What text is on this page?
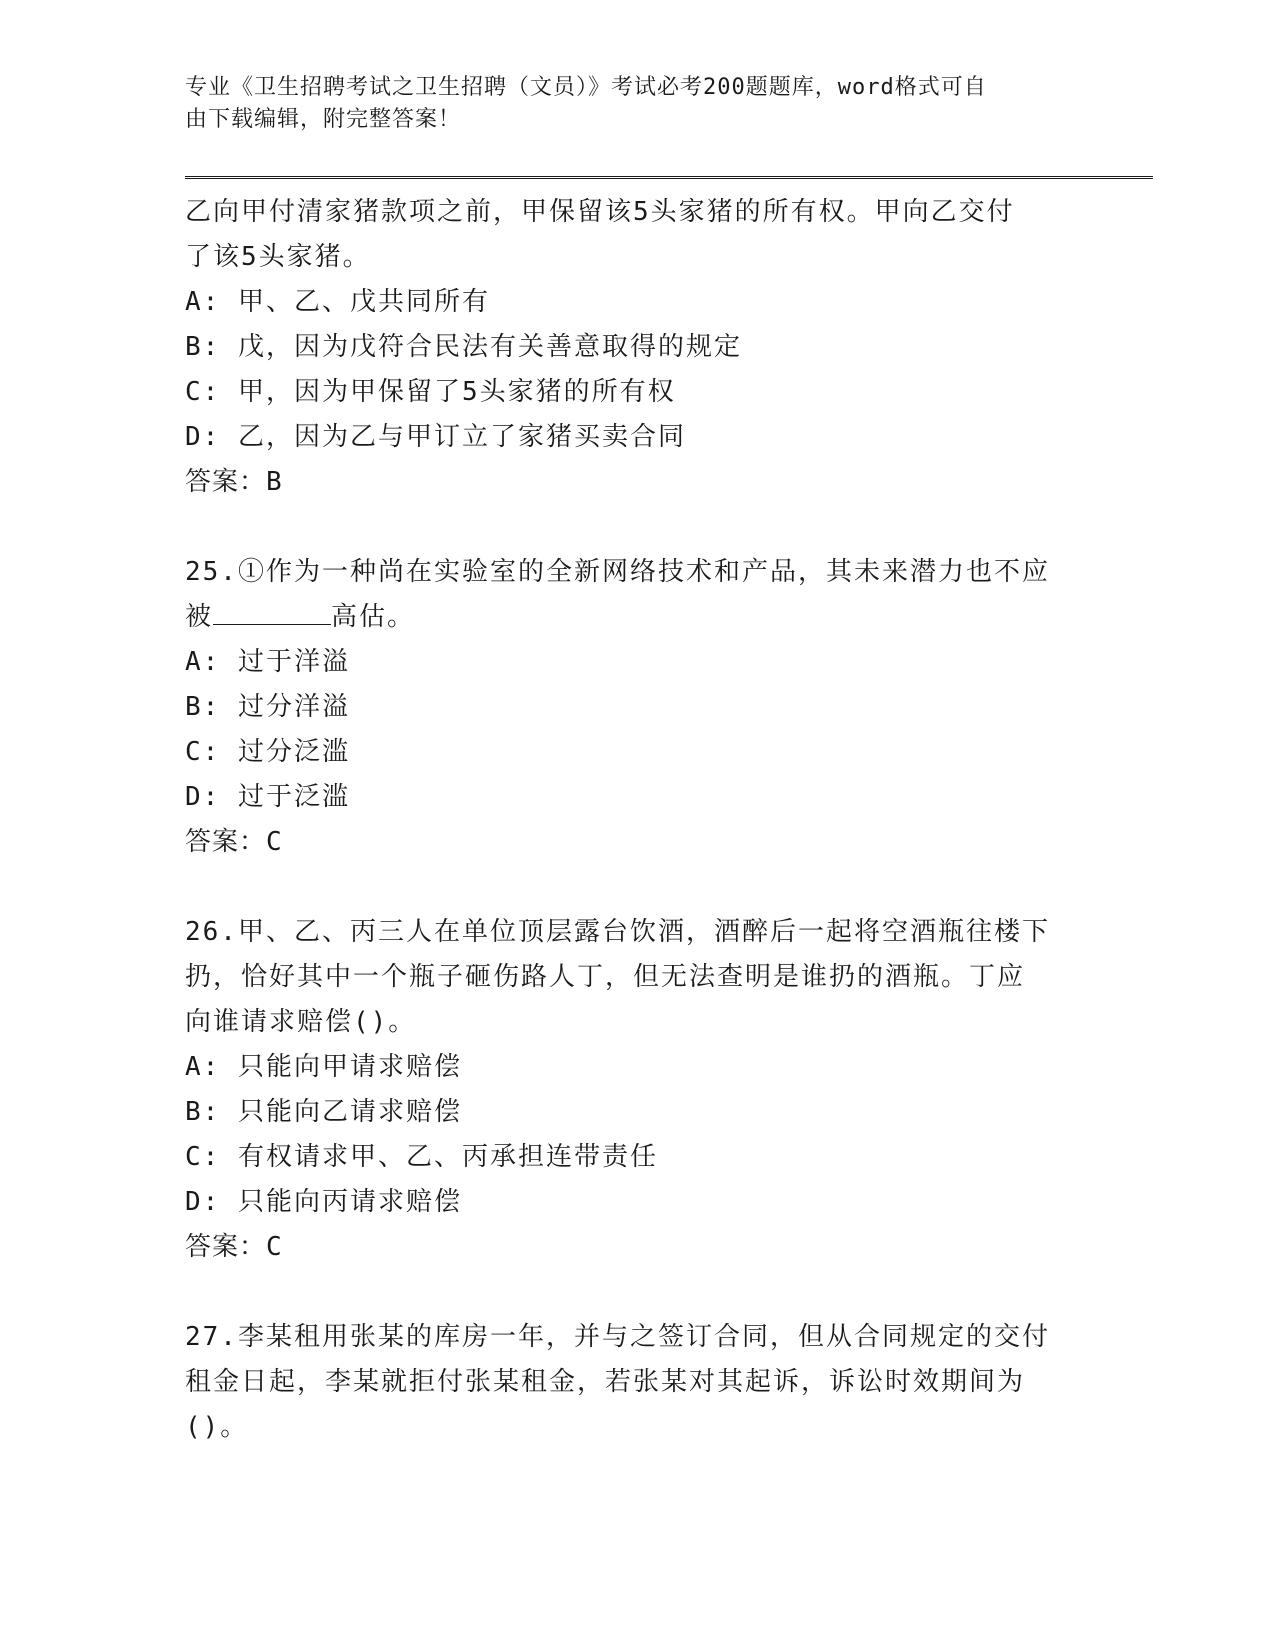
专业《卫生招聘考试之卫生招聘（文员）》考试必考200题题库，word格式可自
由下载编辑，附完整答案！

乙向甲付清家猪款项之前，甲保留该5头家猪的所有权。甲向乙交付

了该5头家猪。

A: 甲、乙、戊共同所有

B: 戊，因为戊符合民法有关善意取得的规定

C: 甲，因为甲保留了5头家猪的所有权

D: 乙，因为乙与甲订立了家猪买卖合同

答案：B

25.①作为一种尚在实验室的全新网络技术和产品，其未来潜力也不应

被	高估。

A: 过于洋溢

B: 过分洋溢

C: 过分泛滥

D: 过于泛滥

答案：C

26.甲、乙、丙三人在单位顶层露台饮酒，酒醉后一起将空酒瓶往楼下

扔，恰好其中一个瓶子砸伤路人丁，但无法查明是谁扔的酒瓶。丁应

向谁请求赔偿()。

A: 只能向甲请求赔偿

B: 只能向乙请求赔偿

C: 有权请求甲、乙、丙承担连带责任

D: 只能向丙请求赔偿

答案：C

27.李某租用张某的库房一年，并与之签订合同，但从合同规定的交付

租金日起，李某就拒付张某租金，若张某对其起诉，诉讼时效期间为

()。
